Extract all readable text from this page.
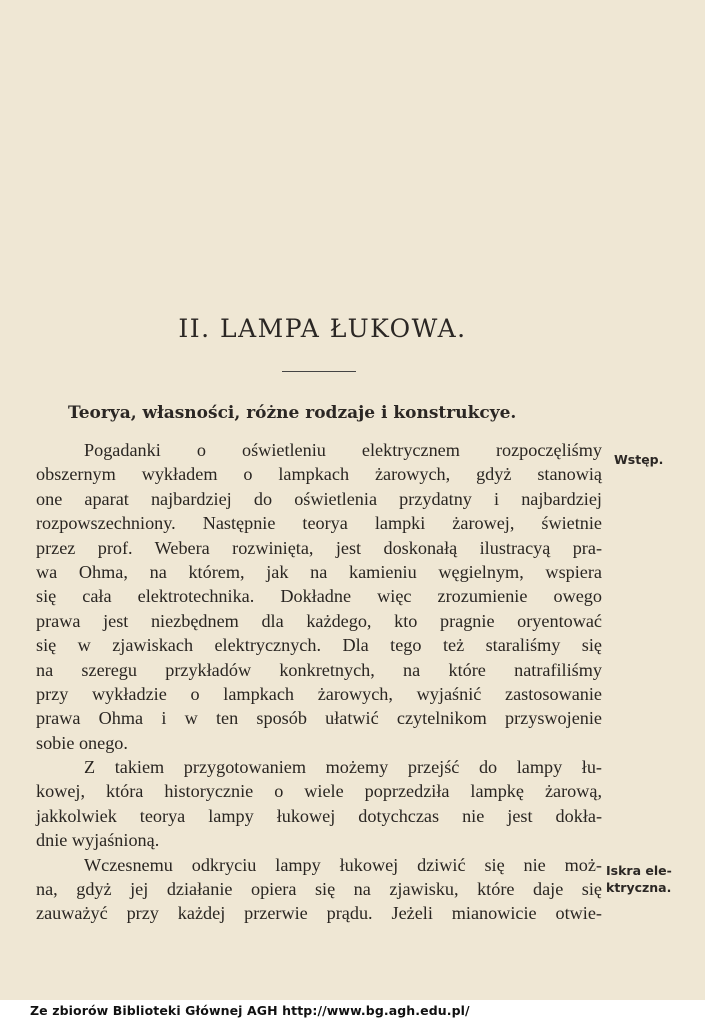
II. LAMPA ŁUKOWA.
Teorya, własności, różne rodzaje i konstrukcye.
Pogadanki o oświetleniu elektrycznem rozpoczęliśmy
obszernym wykładem o lampkach żarowych, gdyż stanowią
one aparat najbardziej do oświetlenia przydatny i najbardziej
rozpowszechniony. Następnie teorya lampki żarowej, świetnie
przez prof. Webera rozwinięta, jest doskonałą ilustracyą pra-
wa Ohma, na którem, jak na kamieniu węgielnym, wspiera
się cała elektrotechnika. Dokładne więc zrozumienie owego
prawa jest niezbędnem dla każdego, kto pragnie oryentować
się w zjawiskach elektrycznych. Dla tego też staraliśmy się
na szeregu przykładów konkretnych, na które natrafiliśmy
przy wykładzie o lampkach żarowych, wyjaśnić zastosowanie
prawa Ohma i w ten sposób ułatwić czytelnikom przyswojenie
sobie onego.
Z takiem przygotowaniem możemy przejść do lampy łu-
kowej, która historycznie o wiele poprzedziła lampkę żarową,
jakkolwiek teorya lampy łukowej dotychczas nie jest dokła-
dnie wyjaśnioną.
Wczesnemu odkryciu lampy łukowej dziwić się nie moż-
na, gdyż jej działanie opiera się na zjawisku, które daje się
zauważyć przy każdej przerwie prądu. Jeżeli mianowicie otwie-
Wstęp.
Iskra ele-
ktryczna.
Ze zbiorów Biblioteki Głównej AGH http://www.bg.agh.edu.pl/
